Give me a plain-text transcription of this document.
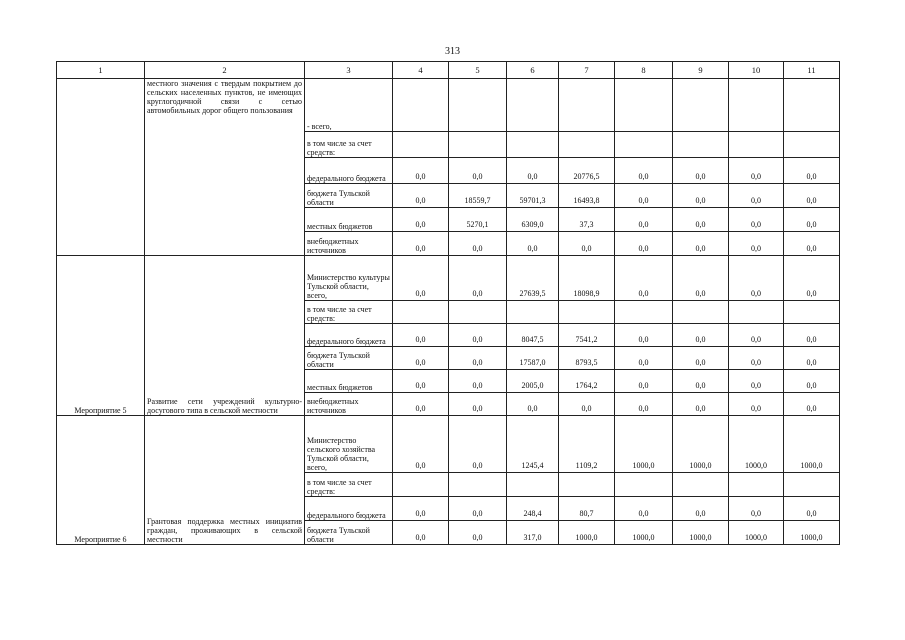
313
1	2	3	4	5	6	7	8	9	10	11
	местного значения с твердым покрытием до сельских населенных пунктов, не имеющих круглогодичной связи с сетью автомобильных дорог общего пользования	- всего,								
		в том числе за счет средств:								
		федерального бюджета	0,0	0,0	0,0	20776,5	0,0	0,0	0,0	0,0
		бюджета Тульской области	0,0	18559,7	59701,3	16493,8	0,0	0,0	0,0	0,0
		местных бюджетов	0,0	5270,1	6309,0	37,3	0,0	0,0	0,0	0,0
		внебюджетных источников	0,0	0,0	0,0	0,0	0,0	0,0	0,0	0,0
Мероприятие 5	Развитие сети учреждений культурно-досугового типа в сельской местности	Министерство культуры Тульской области, всего,	0,0	0,0	27639,5	18098,9	0,0	0,0	0,0	0,0
		в том числе за счет средств:								
		федерального бюджета	0,0	0,0	8047,5	7541,2	0,0	0,0	0,0	0,0
		бюджета Тульской области	0,0	0,0	17587,0	8793,5	0,0	0,0	0,0	0,0
		местных бюджетов	0,0	0,0	2005,0	1764,2	0,0	0,0	0,0	0,0
		внебюджетных источников	0,0	0,0	0,0	0,0	0,0	0,0	0,0	0,0
Мероприятие 6	Грантовая поддержка местных инициатив граждан, проживающих в сельской местности	Министерство сельского хозяйства Тульской области, всего,	0,0	0,0	1245,4	1109,2	1000,0	1000,0	1000,0	1000,0
		в том числе за счет средств:								
		федерального бюджета	0,0	0,0	248,4	80,7	0,0	0,0	0,0	0,0
		бюджета Тульской области	0,0	0,0	317,0	1000,0	1000,0	1000,0	1000,0	1000,0
